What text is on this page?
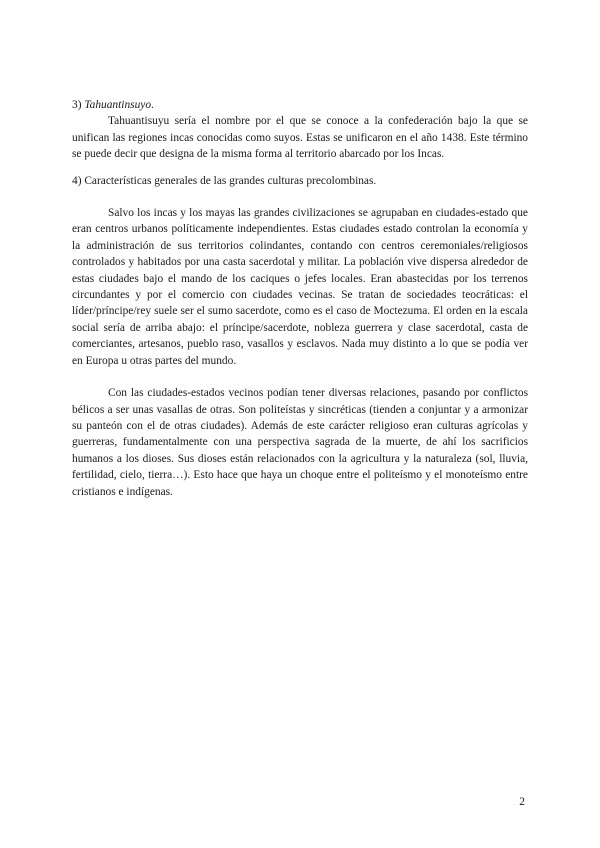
3) Tahuantinsuyo.

Tahuantisuyu sería el nombre por el que se conoce a la confederación bajo la que se unifican las regiones incas conocidas como suyos. Estas se unificaron en el año 1438. Este término se puede decir que designa de la misma forma al territorio abarcado por los Incas.

4) Características generales de las grandes culturas precolombinas.

Salvo los incas y los mayas las grandes civilizaciones se agrupaban en ciudades-estado que eran centros urbanos políticamente independientes. Estas ciudades estado controlan la economía y la administración de sus territorios colindantes, contando con centros ceremoniales/religiosos controlados y habitados por una casta sacerdotal y militar. La población vive dispersa alrededor de estas ciudades bajo el mando de los caciques o jefes locales. Eran abastecidas por los terrenos circundantes y por el comercio con ciudades vecinas. Se tratan de sociedades teocráticas: el líder/príncipe/rey suele ser el sumo sacerdote, como es el caso de Moctezuma. El orden en la escala social sería de arriba abajo: el príncipe/sacerdote, nobleza guerrera y clase sacerdotal, casta de comerciantes, artesanos, pueblo raso, vasallos y esclavos. Nada muy distinto a lo que se podía ver en Europa u otras partes del mundo.

Con las ciudades-estados vecinos podían tener diversas relaciones, pasando por conflictos bélicos a ser unas vasallas de otras. Son politeístas y sincréticas (tienden a conjuntar y a armonizar su panteón con el de otras ciudades). Además de este carácter religioso eran culturas agrícolas y guerreras, fundamentalmente con una perspectiva sagrada de la muerte, de ahí los sacrificios humanos a los dioses. Sus dioses están relacionados con la agricultura y la naturaleza (sol, lluvia, fertilidad, cielo, tierra…). Esto hace que haya un choque entre el politeísmo y el monoteísmo entre cristianos e indígenas.

2
